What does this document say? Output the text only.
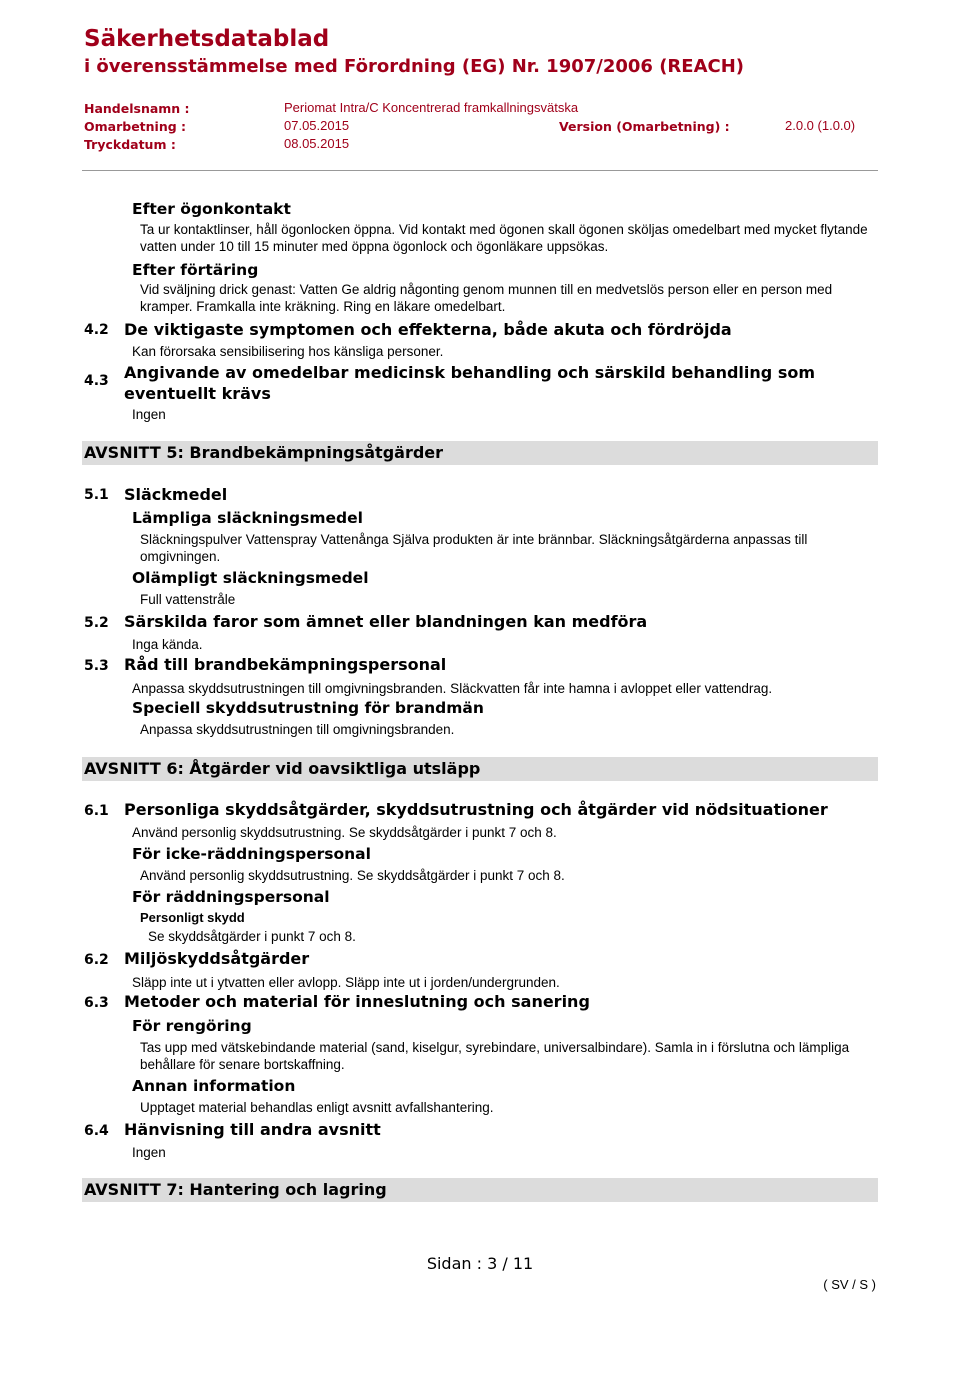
Säkerhetsdatablad
i överensstämmelse med Förordning (EG) Nr. 1907/2006 (REACH)
Handelsnamn :	Periomat Intra/C Koncentrerad framkallningsvätska
Omarbetning :	07.05.2015	Version (Omarbetning) :	2.0.0 (1.0.0)
Tryckdatum :	08.05.2015
Efter ögonkontakt
Ta ur kontaktlinser, håll ögonlocken öppna. Vid kontakt med ögonen skall ögonen sköljas omedelbart med mycket flytande vatten under 10 till 15 minuter med öppna ögonlock och ögonläkare uppsökas.
Efter förtäring
Vid sväljning drick genast: Vatten Ge aldrig någonting genom munnen till en medvetslös person eller en person med kramper. Framkalla inte kräkning. Ring en läkare omedelbart.
4.2 De viktigaste symptomen och effekterna, både akuta och fördröjda
Kan förorsaka sensibilisering hos känsliga personer.
4.3 Angivande av omedelbar medicinsk behandling och särskild behandling som
eventuellt krävs
Ingen
AVSNITT 5: Brandbekämpningsåtgärder
5.1 Släckmedel
Lämpliga släckningsmedel
Släckningspulver Vattenspray Vattenånga Själva produkten är inte brännbar. Släckningsåtgärderna anpassas till omgivningen.
Olämpligt släckningsmedel
Full vattenstråle
5.2 Särskilda faror som ämnet eller blandningen kan medföra
Inga kända.
5.3 Råd till brandbekämpningspersonal
Anpassa skyddsutrustningen till omgivningsbranden. Släckvatten får inte hamna i avloppet eller vattendrag.
Speciell skyddsutrustning för brandmän
Anpassa skyddsutrustningen till omgivningsbranden.
AVSNITT 6: Åtgärder vid oavsiktliga utsläpp
6.1 Personliga skyddsåtgärder, skyddsutrustning och åtgärder vid nödsituationer
Använd personlig skyddsutrustning. Se skyddsåtgärder i punkt 7 och 8.
För icke-räddningspersonal
Använd personlig skyddsutrustning. Se skyddsåtgärder i punkt 7 och 8.
För räddningspersonal
Personligt skydd
Se skyddsåtgärder i punkt 7 och 8.
6.2 Miljöskyddsåtgärder
Släpp inte ut i ytvatten eller avlopp. Släpp inte ut i jorden/undergrunden.
6.3 Metoder och material för inneslutning och sanering
För rengöring
Tas upp med vätskebindande material (sand, kiselgur, syrebindare, universalbindare). Samla in i förslutna och lämpliga behållare för senare bortskaffning.
Annan information
Upptaget material behandlas enligt avsnitt avfallshantering.
6.4 Hänvisning till andra avsnitt
Ingen
AVSNITT 7: Hantering och lagring
Sidan : 3 / 11
( SV / S )
